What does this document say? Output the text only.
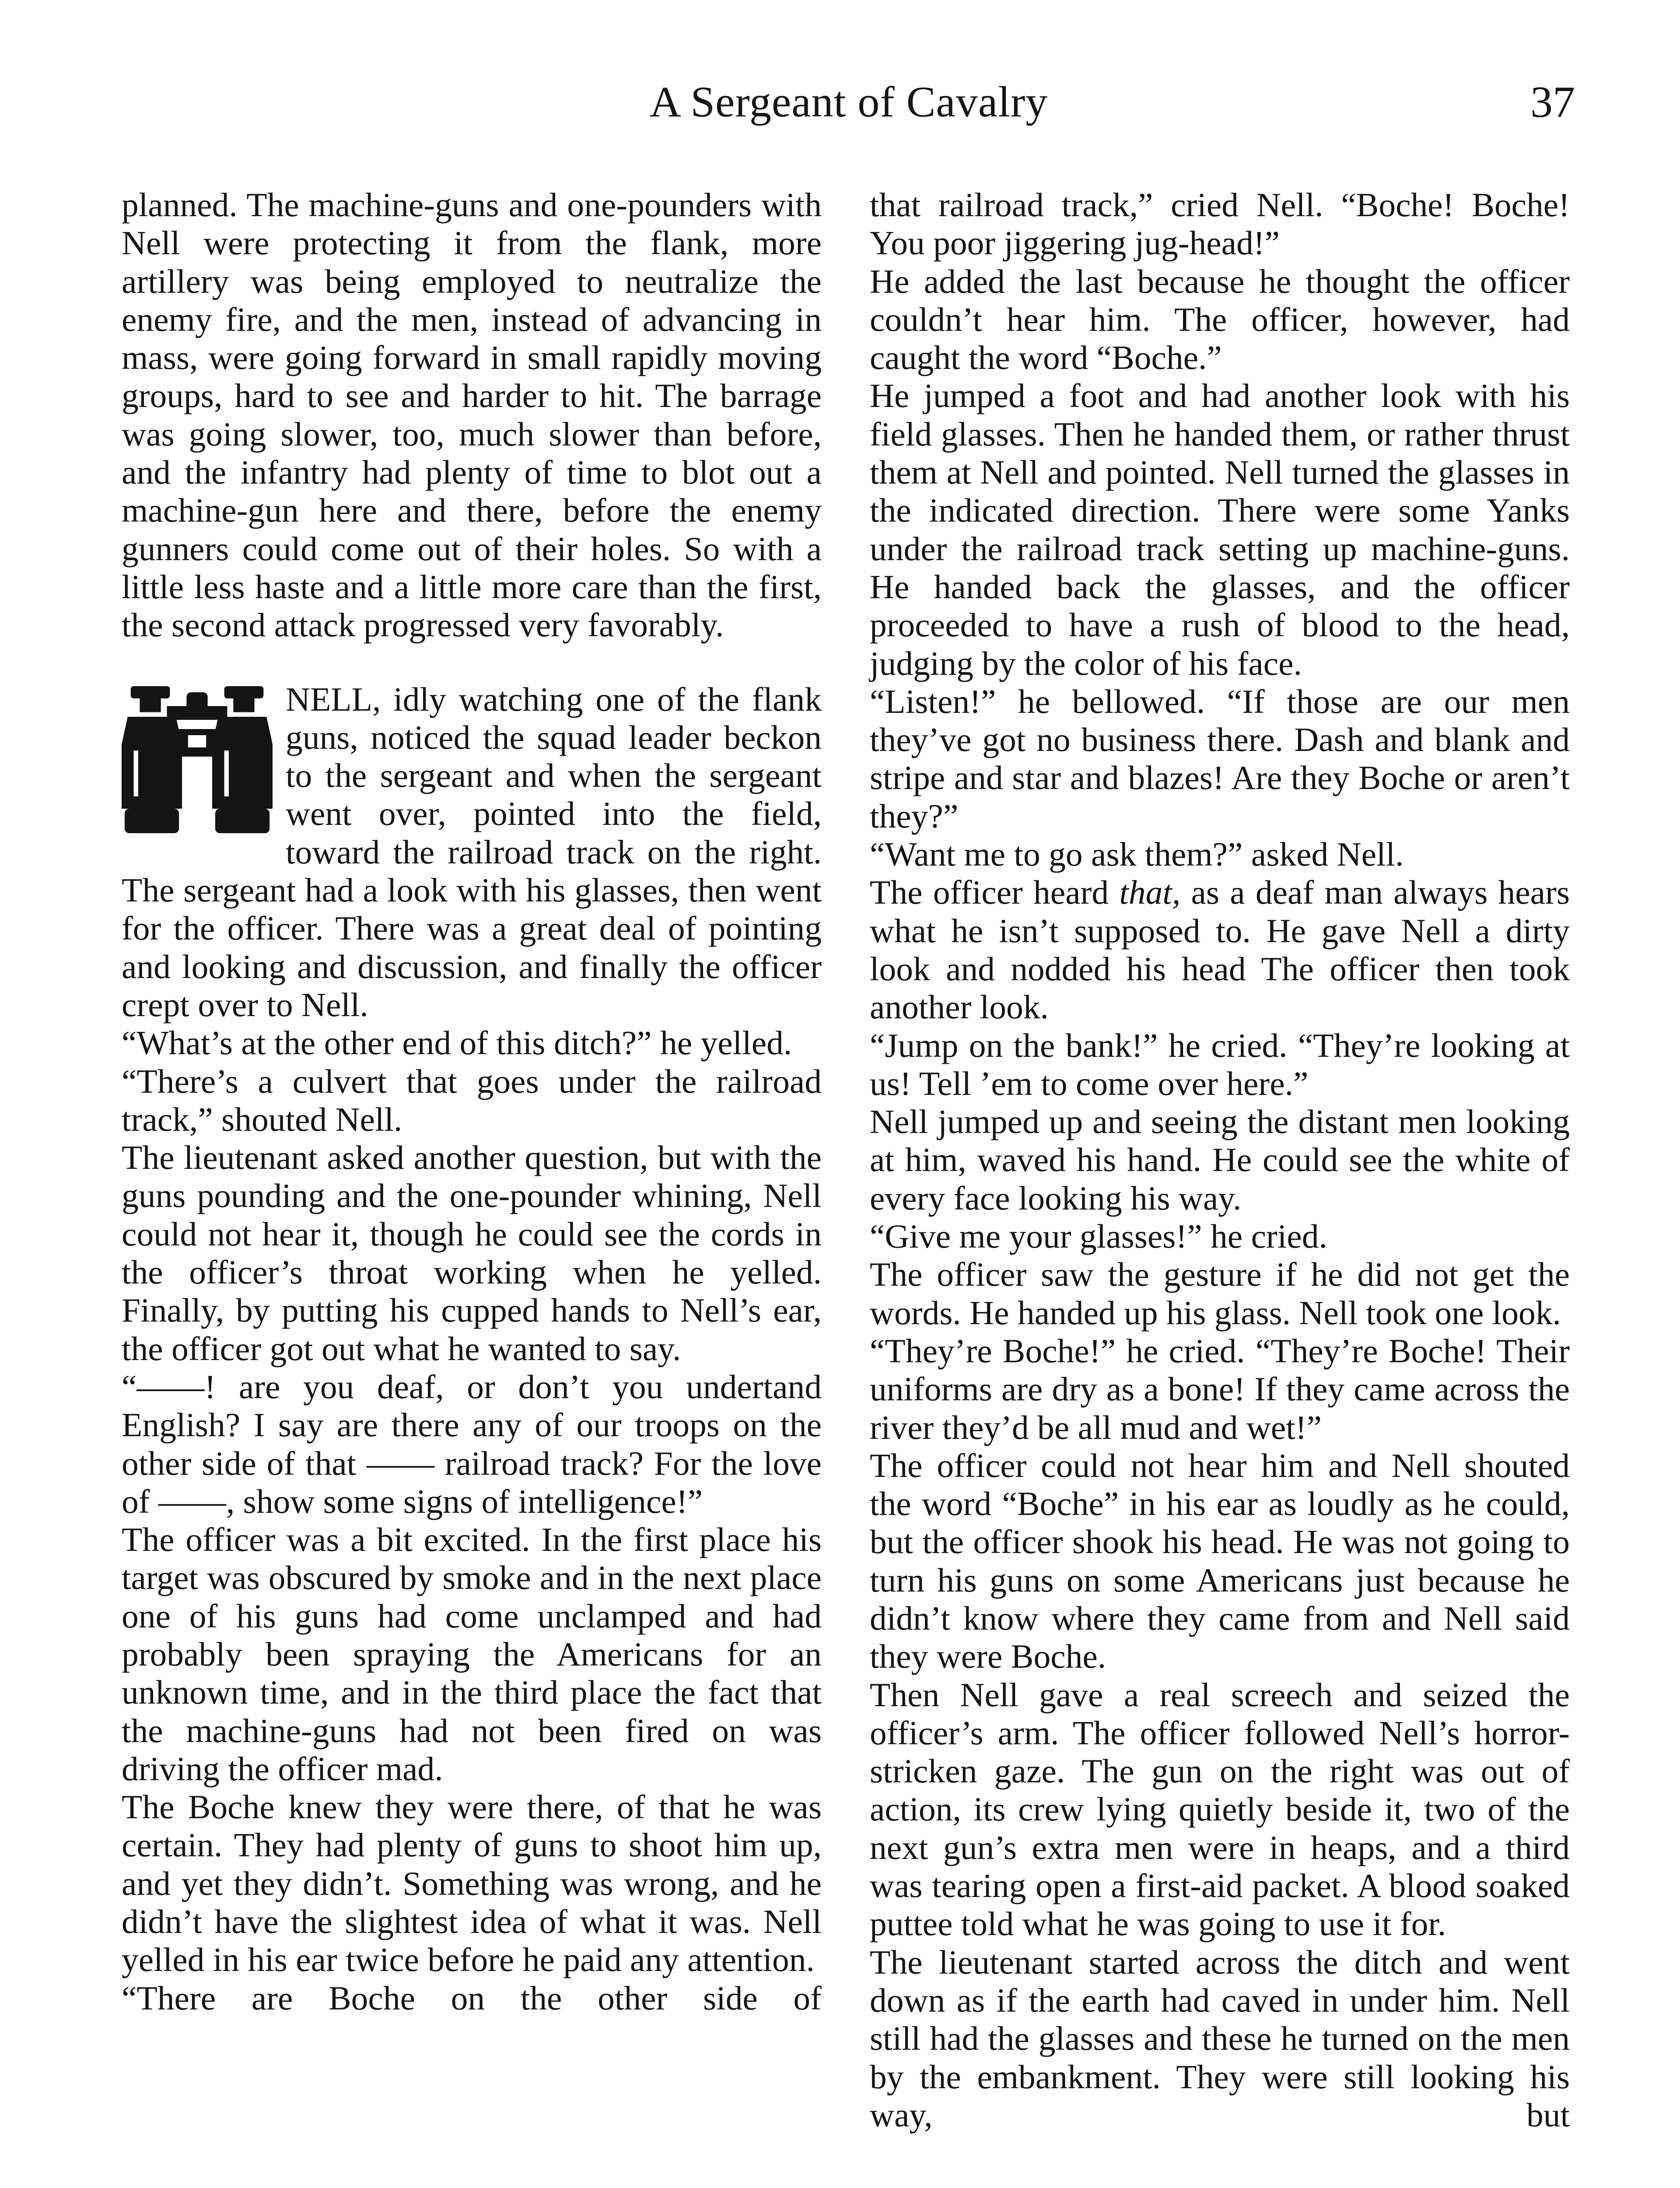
A Sergeant of Cavalry	37

planned. The machine-guns and one-pounders with Nell were protecting it from the flank, more artillery was being employed to neutralize the enemy fire, and the men, instead of advancing in mass, were going forward in small rapidly moving groups, hard to see and harder to hit. The barrage was going slower, too, much slower than before, and the infantry had plenty of time to blot out a machine-gun here and there, before the enemy gunners could come out of their holes. So with a little less haste and a little more care than the first, the second attack progressed very favorably.

NELL, idly watching one of the flank guns, noticed the squad leader beckon to the sergeant and when the sergeant went over, pointed into the field, toward the railroad track on the right. The sergeant had a look with his glasses, then went for the officer. There was a great deal of pointing and looking and discussion, and finally the officer crept over to Nell.

“What’s at the other end of this ditch?” he yelled.

“There’s a culvert that goes under the railroad track,” shouted Nell.

The lieutenant asked another question, but with the guns pounding and the one-pounder whining, Nell could not hear it, though he could see the cords in the officer’s throat working when he yelled. Finally, by putting his cupped hands to Nell’s ear, the officer got out what he wanted to say.

“——! are you deaf, or don’t you undertand English? I say are there any of our troops on the other side of that —— railroad track? For the love of ——, show some signs of intelligence!”

The officer was a bit excited. In the first place his target was obscured by smoke and in the next place one of his guns had come unclamped and had probably been spraying the Americans for an unknown time, and in the third place the fact that the machine-guns had not been fired on was driving the officer mad.

The Boche knew they were there, of that he was certain. They had plenty of guns to shoot him up, and yet they didn’t. Something was wrong, and he didn’t have the slightest idea of what it was. Nell yelled in his ear twice before he paid any attention.

“There are Boche on the other side of

that railroad track,” cried Nell. “Boche! Boche! You poor jiggering jug-head!”

He added the last because he thought the officer couldn’t hear him. The officer, however, had caught the word “Boche.”

He jumped a foot and had another look with his field glasses. Then he handed them, or rather thrust them at Nell and pointed. Nell turned the glasses in the indicated direction. There were some Yanks under the railroad track setting up machine-guns. He handed back the glasses, and the officer proceeded to have a rush of blood to the head, judging by the color of his face.

“Listen!” he bellowed. “If those are our men they’ve got no business there. Dash and blank and stripe and star and blazes! Are they Boche or aren’t they?”

“Want me to go ask them?” asked Nell.

The officer heard that, as a deaf man always hears what he isn’t supposed to. He gave Nell a dirty look and nodded his head The officer then took another look.

“Jump on the bank!” he cried. “They’re looking at us! Tell ’em to come over here.”

Nell jumped up and seeing the distant men looking at him, waved his hand. He could see the white of every face looking his way.

“Give me your glasses!” he cried.

The officer saw the gesture if he did not get the words. He handed up his glass. Nell took one look.

“They’re Boche!” he cried. “They’re Boche! Their uniforms are dry as a bone! If they came across the river they’d be all mud and wet!”

The officer could not hear him and Nell shouted the word “Boche” in his ear as loudly as he could, but the officer shook his head. He was not going to turn his guns on some Americans just because he didn’t know where they came from and Nell said they were Boche.

Then Nell gave a real screech and seized the officer’s arm. The officer followed Nell’s horror-stricken gaze. The gun on the right was out of action, its crew lying quietly beside it, two of the next gun’s extra men were in heaps, and a third was tearing open a first-aid packet. A blood soaked puttee told what he was going to use it for.

The lieutenant started across the ditch and went down as if the earth had caved in under him. Nell still had the glasses and these he turned on the men by the embankment. They were still looking his way, but
